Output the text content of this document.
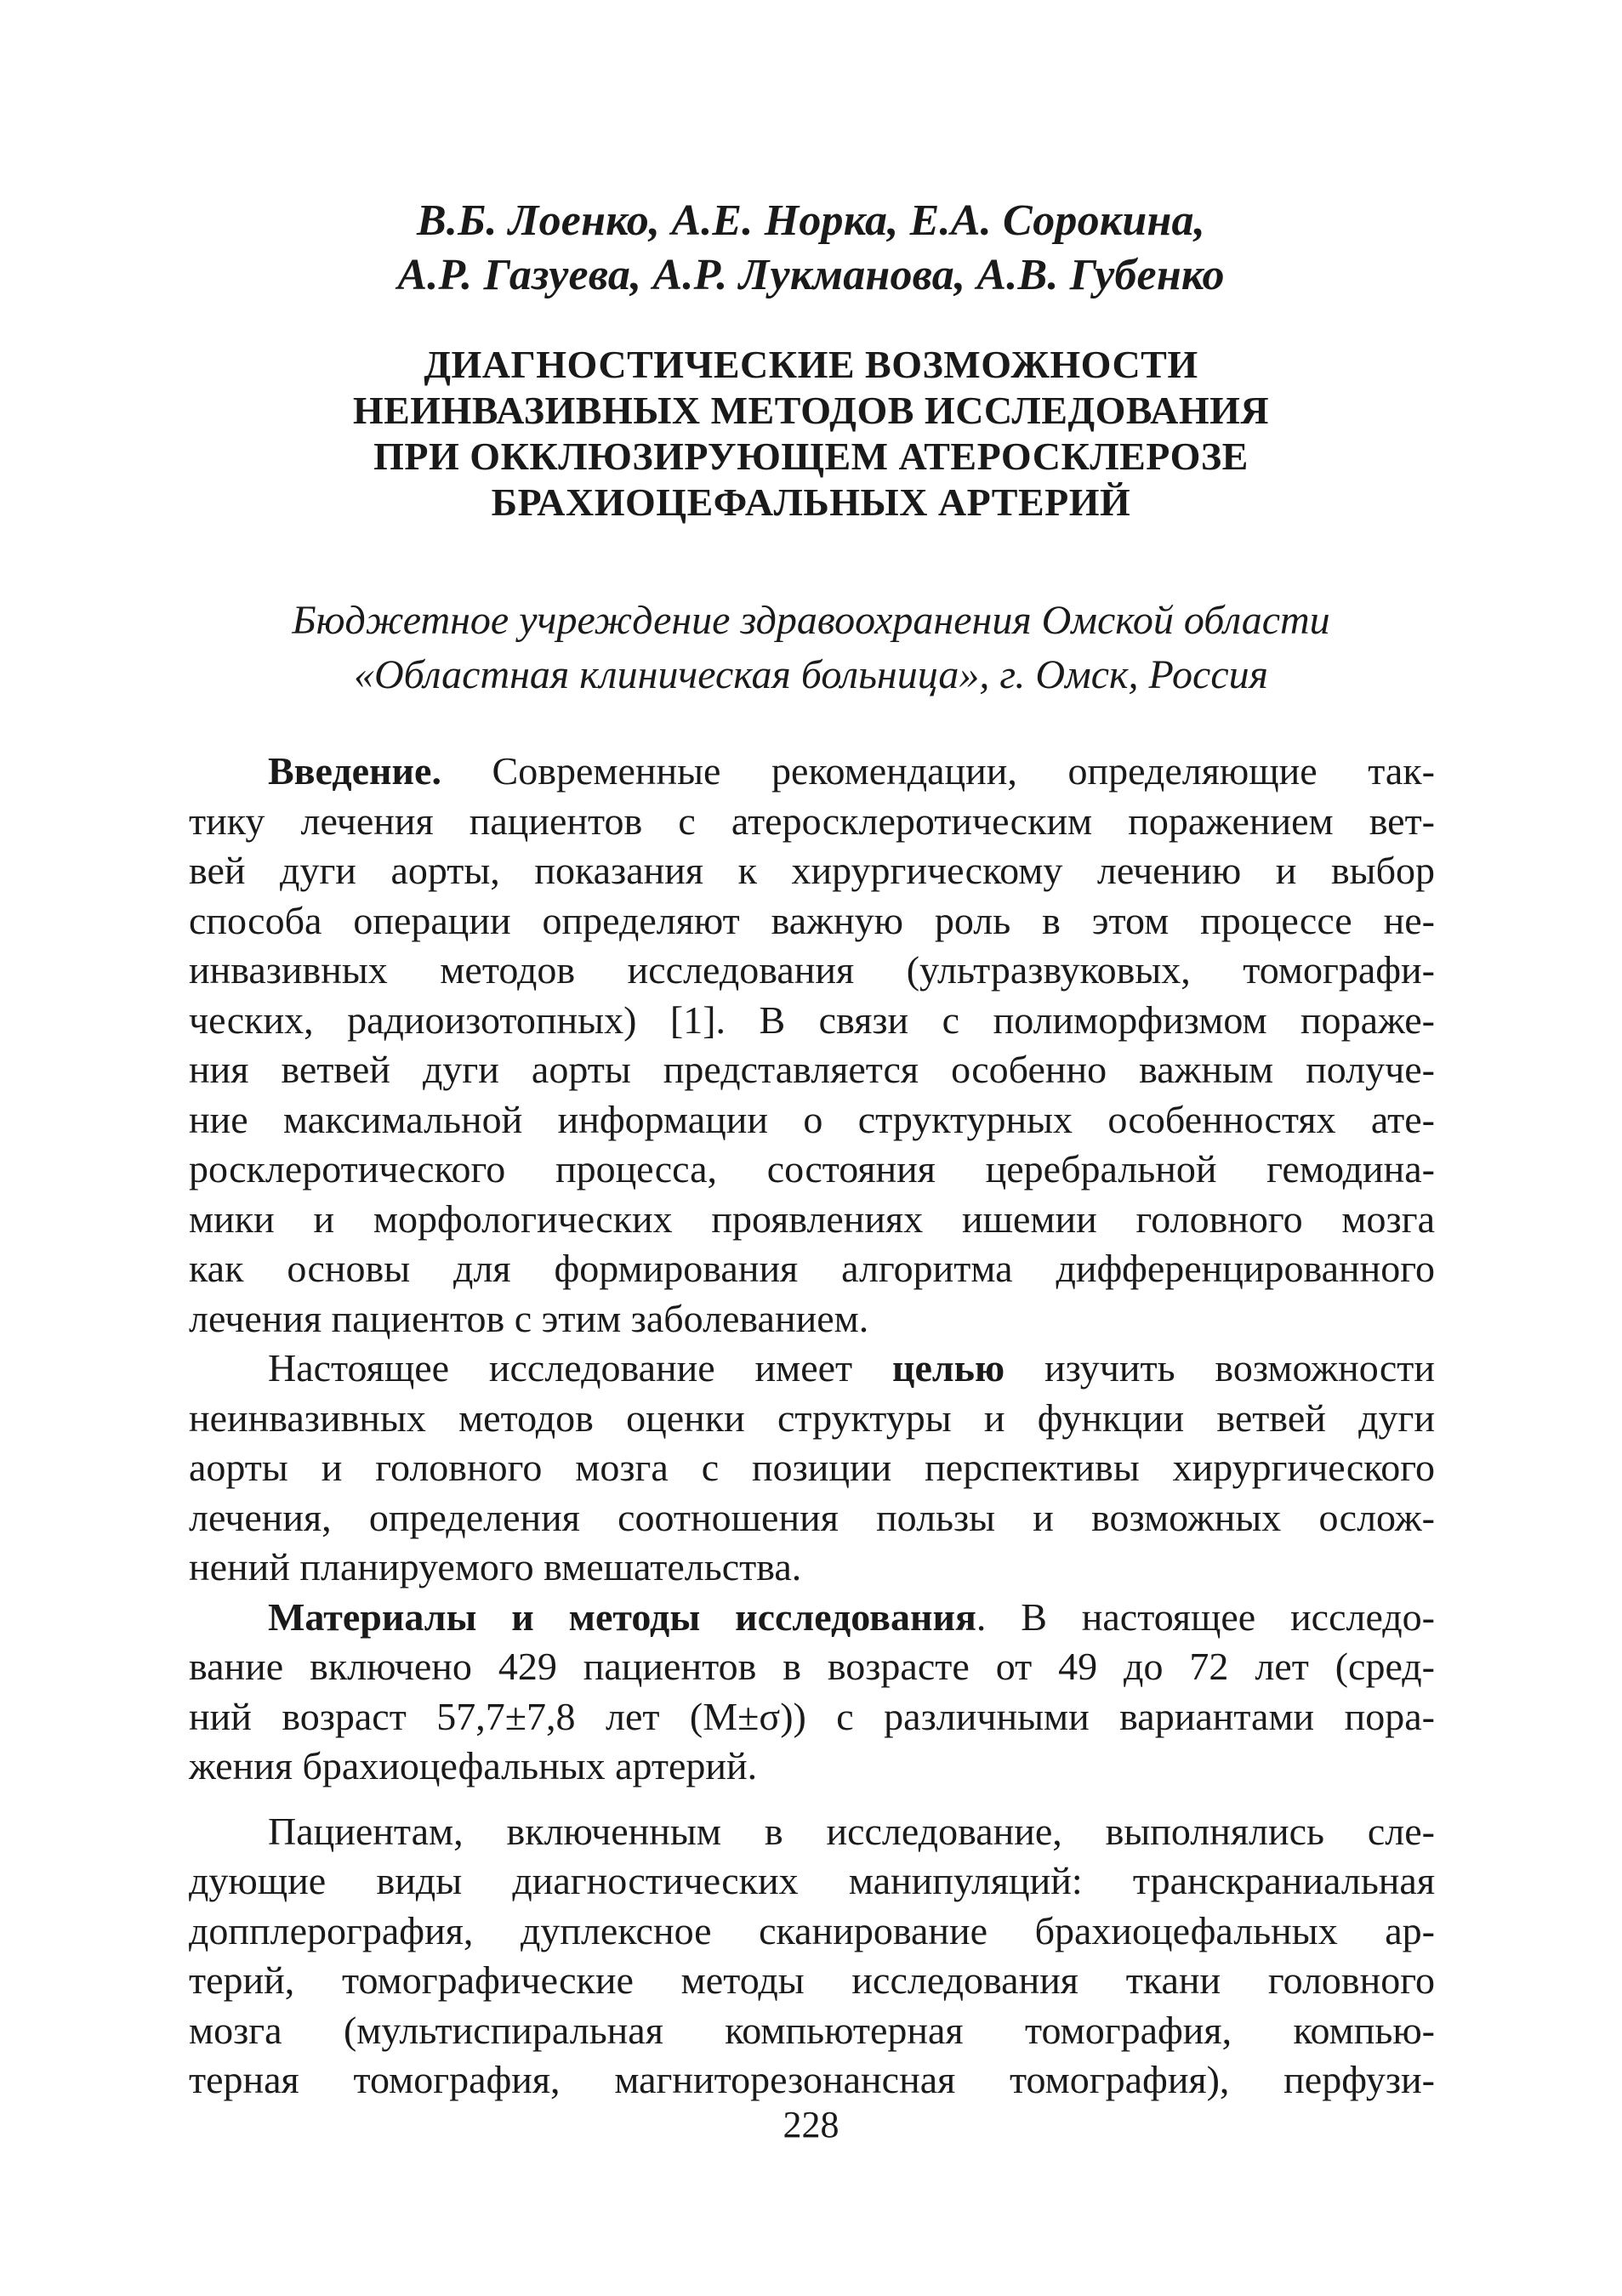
В.Б. Лоенко, А.Е. Норка, Е.А. Сорокина,
А.Р. Газуева, А.Р. Лукманова, А.В. Губенко
ДИАГНОСТИЧЕСКИЕ ВОЗМОЖНОСТИ
НЕИНВАЗИВНЫХ МЕТОДОВ ИССЛЕДОВАНИЯ
ПРИ ОККЛЮЗИРУЮЩЕМ АТЕРОСКЛЕРОЗЕ
БРАХИОЦЕФАЛЬНЫХ АРТЕРИЙ
Бюджетное учреждение здравоохранения Омской области
«Областная клиническая больница», г. Омск, Россия
Введение. Современные рекомендации, определяющие так-
тику лечения пациентов с атеросклеротическим поражением вет-
вей дуги аорты, показания к хирургическому лечению и выбор
способа операции определяют важную роль в этом процессе не-
инвазивных методов исследования (ультразвуковых, томографи-
ческих, радиоизотопных) [1]. В связи с полиморфизмом пораже-
ния ветвей дуги аорты представляется особенно важным получе-
ние максимальной информации о структурных особенностях ате-
росклеротического процесса, состояния церебральной гемодина-
мики и морфологических проявлениях ишемии головного мозга
как основы для формирования алгоритма дифференцированного
лечения пациентов с этим заболеванием.
Настоящее исследование имеет целью изучить возможности
неинвазивных методов оценки структуры и функции ветвей дуги
аорты и головного мозга с позиции перспективы хирургического
лечения, определения соотношения пользы и возможных ослож-
нений планируемого вмешательства.
Материалы и методы исследования. В настоящее исследо-
вание включено 429 пациентов в возрасте от 49 до 72 лет (сред-
ний возраст 57,7±7,8 лет (М±σ)) с различными вариантами пора-
жения брахиоцефальных артерий.
Пациентам, включенным в исследование, выполнялись сле-
дующие виды диагностических манипуляций: транскраниальная
допплерография, дуплексное сканирование брахиоцефальных ар-
терий, томографические методы исследования ткани головного
мозга (мультиспиральная компьютерная томография, компью-
терная томография, магниторезонансная томография), перфузи-
228
